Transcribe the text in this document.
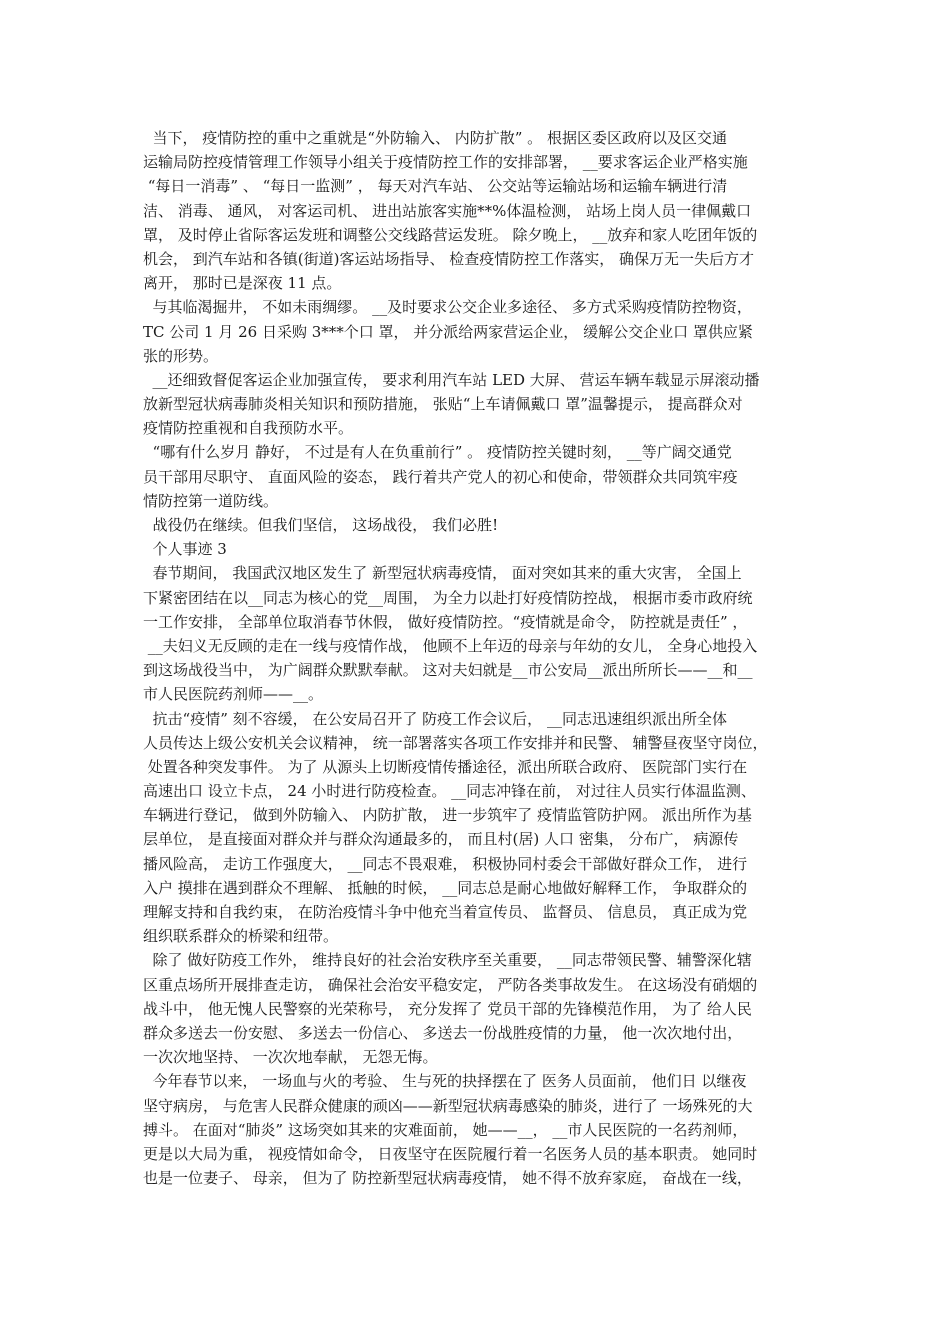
当下， 疫情防控的重中之重就是“外防输入、 内防扩散” 。 根据区委区政府以及区交通
运输局防控疫情管理工作领导小组关于疫情防控工作的安排部署， __要求客运企业严格实施
“每日一消毒” 、 “每日一监测” ， 每天对汽车站、 公交站等运输站场和运输车辆进行清
洁、 消毒、 通风， 对客运司机、 进出站旅客实施**%体温检测， 站场上岗人员一律佩戴口
罩， 及时停止省际客运发班和调整公交线路营运发班。 除夕晚上， __放弃和家人吃团年饭的
机会， 到汽车站和各镇(街道)客运站场指导、 检查疫情防控工作落实， 确保万无一失后方才
离开， 那时已是深夜 11 点。
与其临渴掘井， 不如未雨绸缪。 __及时要求公交企业多途径、 多方式采购疫情防控物资，
TC 公司 1 月 26 日采购 3***个口 罩， 并分派给两家营运企业， 缓解公交企业口 罩供应紧
张的形势。
__还细致督促客运企业加强宣传， 要求利用汽车站 LED 大屏、 营运车辆车载显示屏滚动播
放新型冠状病毒肺炎相关知识和预防措施， 张贴“上车请佩戴口 罩”温馨提示， 提高群众对
疫情防控重视和自我预防水平。
“哪有什么岁月 静好， 不过是有人在负重前行” 。 疫情防控关键时刻， __等广阔交通党
员干部用尽职守、 直面风险的姿态， 践行着共产党人的初心和使命，带领群众共同筑牢疫
情防控第一道防线。
战役仍在继续。但我们坚信， 这场战役， 我们必胜!
个人事迹 3
春节期间， 我国武汉地区发生了 新型冠状病毒疫情， 面对突如其来的重大灾害， 全国上
下紧密团结在以__同志为核心的党__周围， 为全力以赴打好疫情防控战， 根据市委市政府统
一工作安排， 全部单位取消春节休假， 做好疫情防控。“疫情就是命令， 防控就是责任” ，
__夫妇义无反顾的走在一线与疫情作战， 他顾不上年迈的母亲与年幼的女儿， 全身心地投入
到这场战役当中， 为广阔群众默默奉献。 这对夫妇就是__市公安局__派出所所长——__和__
市人民医院药剂师——__。
抗击“疫情” 刻不容缓， 在公安局召开了 防疫工作会议后， __同志迅速组织派出所全体
人员传达上级公安机关会议精神， 统一部署落实各项工作安排并和民警、 辅警昼夜坚守岗位，
处置各种突发事件。 为了 从源头上切断疫情传播途径，派出所联合政府、 医院部门实行在
高速出口 设立卡点， 24 小时进行防疫检查。 __同志冲锋在前， 对过往人员实行体温监测、
车辆进行登记， 做到外防输入、 内防扩散， 进一步筑牢了 疫情监管防护网。 派出所作为基
层单位， 是直接面对群众并与群众沟通最多的， 而且村(居) 人口 密集， 分布广， 病源传
播风险高， 走访工作强度大， __同志不畏艰难， 积极协同村委会干部做好群众工作， 进行
入户 摸排在遇到群众不理解、 抵触的时候， __同志总是耐心地做好解释工作， 争取群众的
理解支持和自我约束， 在防治疫情斗争中他充当着宣传员、 监督员、 信息员， 真正成为党
组织联系群众的桥梁和纽带。
除了 做好防疫工作外， 维持良好的社会治安秩序至关重要， __同志带领民警、辅警深化辖
区重点场所开展排查走访， 确保社会治安平稳安定， 严防各类事故发生。 在这场没有硝烟的
战斗中， 他无愧人民警察的光荣称号， 充分发挥了 党员干部的先锋模范作用， 为了 给人民
群众多送去一份安慰、 多送去一份信心、 多送去一份战胜疫情的力量， 他一次次地付出，
一次次地坚持、 一次次地奉献， 无怨无悔。
今年春节以来， 一场血与火的考验、 生与死的抉择摆在了 医务人员面前， 他们日 以继夜
坚守病房， 与危害人民群众健康的顽凶——新型冠状病毒感染的肺炎，进行了 一场殊死的大
搏斗。 在面对“肺炎” 这场突如其来的灾难面前， 她——__， __市人民医院的一名药剂师，
更是以大局为重， 视疫情如命令， 日夜坚守在医院履行着一名医务人员的基本职责。 她同时
也是一位妻子、 母亲， 但为了 防控新型冠状病毒疫情， 她不得不放弃家庭， 奋战在一线，
